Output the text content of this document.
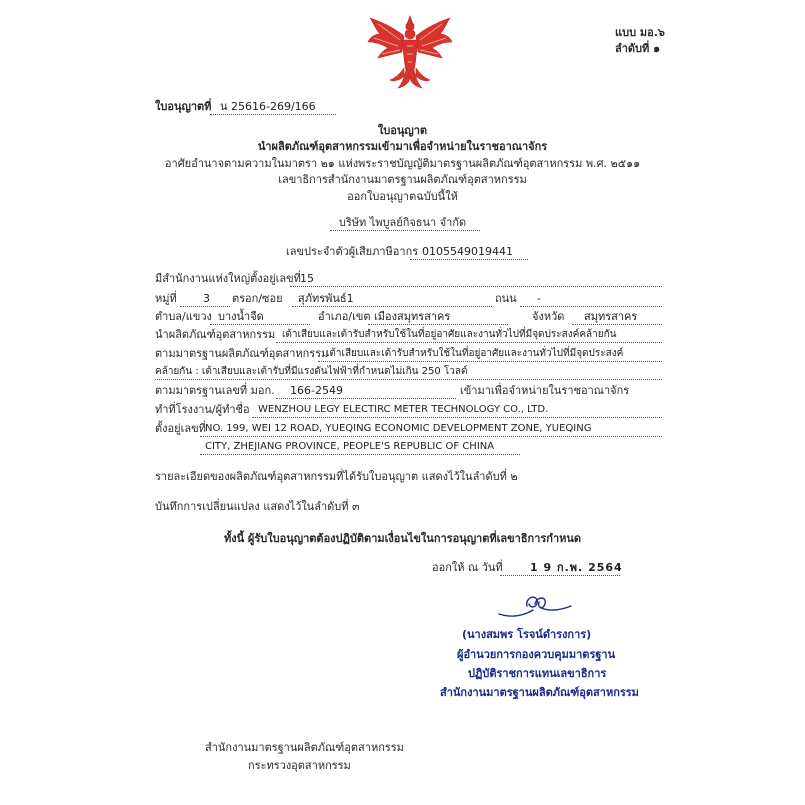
แบบ มอ.๖
ลำดับที่ ๑
ใบอนุญาตที่ น 25616-269/166
ใบอนุญาต
นำผลิตภัณฑ์อุตสาหกรรมเข้ามาเพื่อจำหน่ายในราชอาณาจักร
อาศัยอำนาจตามความในมาตรา ๒๑ แห่งพระราชบัญญัติมาตรฐานผลิตภัณฑ์อุตสาหกรรม พ.ศ. ๒๕๑๑
เลขาธิการสำนักงานมาตรฐานผลิตภัณฑ์อุตสาหกรรม
ออกใบอนุญาตฉบับนี้ให้
บริษัท ไพบูลย์กิจธนา จำกัด
เลขประจำตัวผู้เสียภาษีอากร 0105549019441
มีสำนักงานแห่งใหญ่ตั้งอยู่เลขที่ 15
หมู่ที่ 3 ตรอก/ซอย สุภัทรพันธ์1	ถนน -
ตำบล/แขวง บางน้ำจืด	อำเภอ/เขต เมืองสมุทรสาคร	จังหวัด สมุทรสาคร
นำผลิตภัณฑ์อุตสาหกรรม เต้าเสียบและเต้ารับสำหรับใช้ในที่อยู่อาศัยและงานทั่วไปที่มีจุดประสงค์คล้ายกัน
ตามมาตรฐานผลิตภัณฑ์อุตสาหกรรม
เต้าเสียบและเต้ารับสำหรับใช้ในที่อยู่อาศัยและงานทั่วไปที่มีจุดประสงค์
คล้ายกัน : เต้าเสียบและเต้ารับที่มีแรงดันไฟฟ้าที่กำหนดไม่เกิน 250 โวลต์
ตามมาตรฐานเลขที่ มอก. 166-2549	เข้ามาเพื่อจำหน่ายในราชอาณาจักร
ทำที่โรงงาน/ผู้ทำชื่อ WENZHOU LEGY ELECTIRC METER TECHNOLOGY CO., LTD.
ตั้งอยู่เลขที่ NO. 199, WEI 12 ROAD, YUEQING ECONOMIC DEVELOPMENT ZONE, YUEQING
CITY, ZHEJIANG PROVINCE, PEOPLE'S REPUBLIC OF CHINA
รายละเอียดของผลิตภัณฑ์อุตสาหกรรมที่ได้รับใบอนุญาต แสดงไว้ในลำดับที่ ๒
บันทึกการเปลี่ยนแปลง แสดงไว้ในลำดับที่ ๓
ทั้งนี้ ผู้รับใบอนุญาตต้องปฏิบัติตามเงื่อนไขในการอนุญาตที่เลขาธิการกำหนด
ออกให้ ณ วันที่ 1 9 ก.พ. 2564
(นางสมพร โรจน์ดำรงการ)
ผู้อำนวยการกองควบคุมมาตรฐาน
ปฏิบัติราชการแทนเลขาธิการ
สำนักงานมาตรฐานผลิตภัณฑ์อุตสาหกรรม
สำนักงานมาตรฐานผลิตภัณฑ์อุตสาหกรรม
กระทรวงอุตสาหกรรม
